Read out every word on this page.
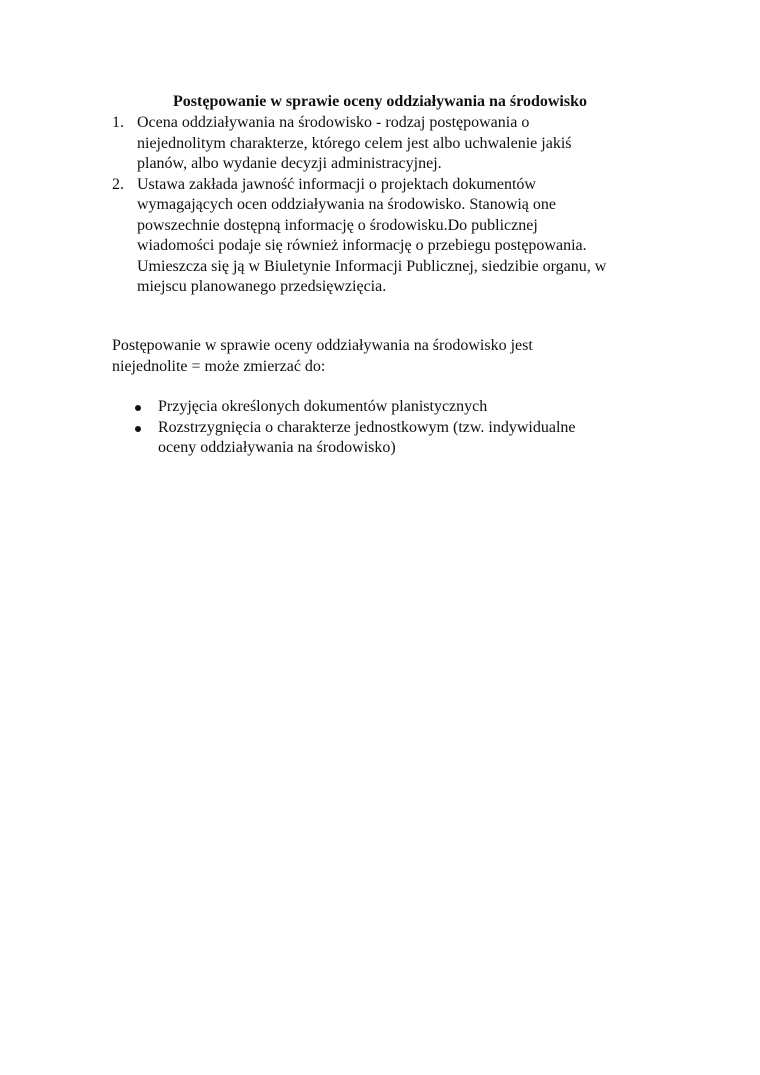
Postępowanie w sprawie oceny oddziaływania na środowisko
1. Ocena oddziaływania na środowisko - rodzaj postępowania o
niejednolitym charakterze, którego celem jest albo uchwalenie jakiś
planów, albo wydanie decyzji administracyjnej.
2. Ustawa zakłada jawność informacji o projektach dokumentów
wymagających ocen oddziaływania na środowisko. Stanowią one
powszechnie dostępną informację o środowisku.Do publicznej
wiadomości podaje się również informację o przebiegu postępowania.
Umieszcza się ją w Biuletynie Informacji Publicznej, siedzibie organu, w
miejscu planowanego przedsięwzięcia.
Postępowanie w sprawie oceny oddziaływania na środowisko jest
niejednolite = może zmierzać do:
Przyjęcia określonych dokumentów planistycznych
Rozstrzygnięcia o charakterze jednostkowym (tzw. indywidualne
oceny oddziaływania na środowisko)
